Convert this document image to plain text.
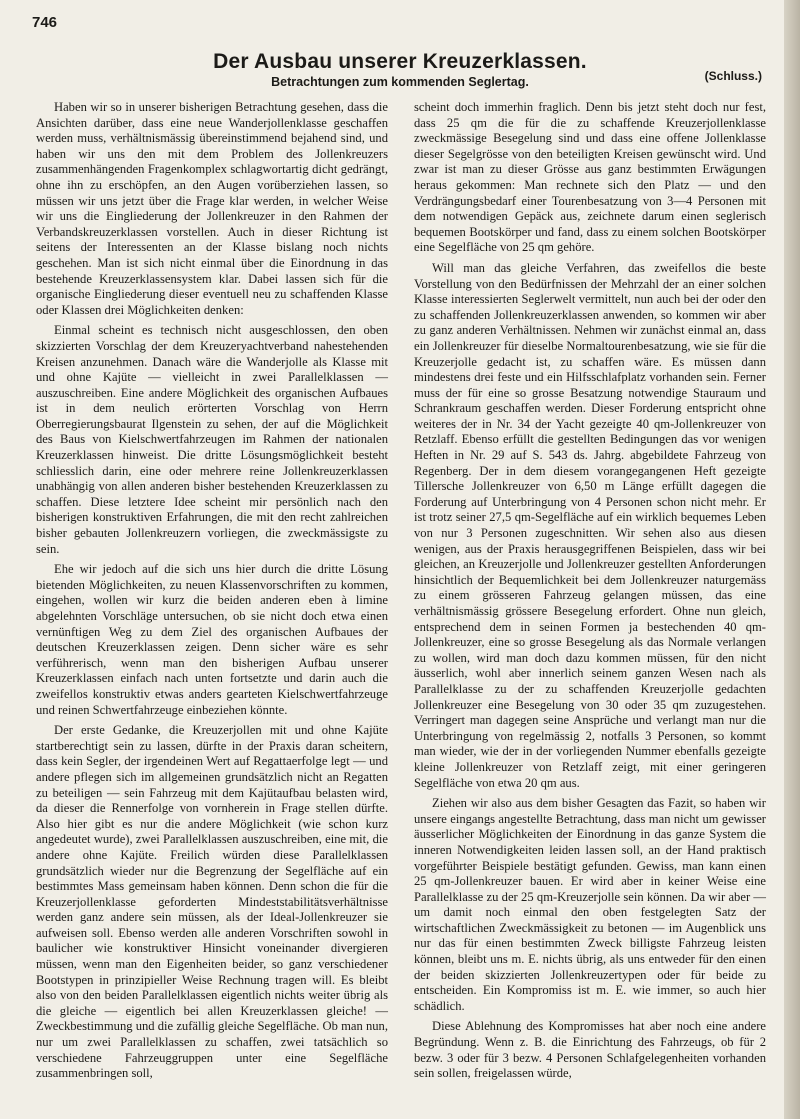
746
Der Ausbau unserer Kreuzerklassen.
Betrachtungen zum kommenden Seglertag.	(Schluss.)

Haben wir so in unserer bisherigen Betrachtung gesehen, dass die Ansichten darüber, dass eine neue Wanderjollenklasse geschaffen werden muss, verhältnismässig übereinstimmend bejahend sind, und haben wir uns den mit dem Problem des Jollenkreuzers zusammenhängenden Fragenkomplex schlagwortartig dicht gedrängt, ohne ihn zu erschöpfen, an den Augen vorüberziehen lassen, so müssen wir uns jetzt über die Frage klar werden, in welcher Weise wir uns die Eingliederung der Jollenkreuzer in den Rahmen der Verbandskreuzerklassen vorstellen. Auch in dieser Richtung ist seitens der Interessenten an der Klasse bislang noch nichts geschehen. Man ist sich nicht einmal über die Einordnung in das bestehende Kreuzerklassensystem klar. Dabei lassen sich für die organische Eingliederung dieser eventuell neu zu schaffenden Klasse oder Klassen drei Möglichkeiten denken:

Einmal scheint es technisch nicht ausgeschlossen, den oben skizzierten Vorschlag der dem Kreuzeryachtverband nahestehenden Kreisen anzunehmen. Danach wäre die Wanderjolle als Klasse mit und ohne Kajüte — vielleicht in zwei Parallelklassen — auszuschreiben. Eine andere Möglichkeit des organischen Aufbaues ist in dem neulich erörterten Vorschlag von Herrn Oberregierungsbaurat Ilgenstein zu sehen, der auf die Möglichkeit des Baus von Kielschwertfahrzeugen im Rahmen der nationalen Kreuzerklassen hinweist. Die dritte Lösungsmöglichkeit besteht schliesslich darin, eine oder mehrere reine Jollenkreuzerklassen unabhängig von allen anderen bisher bestehenden Kreuzerklassen zu schaffen. Diese letztere Idee scheint mir persönlich nach den bisherigen konstruktiven Erfahrungen, die mit den recht zahlreichen bisher gebauten Jollenkreuzern vorliegen, die zweckmässigste zu sein.

Ehe wir jedoch auf die sich uns hier durch die dritte Lösung bietenden Möglichkeiten, zu neuen Klassenvorschriften zu kommen, eingehen, wollen wir kurz die beiden anderen eben à limine abgelehnten Vorschläge untersuchen, ob sie nicht doch etwa einen vernünftigen Weg zu dem Ziel des organischen Aufbaues der deutschen Kreuzerklassen zeigen. Denn sicher wäre es sehr verführerisch, wenn man den bisherigen Aufbau unserer Kreuzerklassen einfach nach unten fortsetzte und darin auch die zweifellos konstruktiv etwas anders gearteten Kielschwertfahrzeuge und reinen Schwertfahrzeuge einbeziehen könnte.

Der erste Gedanke, die Kreuzerjollen mit und ohne Kajüte startberechtigt sein zu lassen, dürfte in der Praxis daran scheitern, dass kein Segler, der irgendeinen Wert auf Regattaerfolge legt — und andere pflegen sich im allgemeinen grundsätzlich nicht an Regatten zu beteiligen — sein Fahrzeug mit dem Kajütaufbau belasten wird, da dieser die Rennerfolge von vornherein in Frage stellen dürfte. Also hier gibt es nur die andere Möglichkeit (wie schon kurz angedeutet wurde), zwei Parallelklassen auszuschreiben, eine mit, die andere ohne Kajüte. Freilich würden diese Parallelklassen grundsätzlich wieder nur die Begrenzung der Segelfläche auf ein bestimmtes Mass gemeinsam haben können. Denn schon die für die Kreuzerjollenklasse geforderten Mindeststabilitätsverhältnisse werden ganz andere sein müssen, als der Ideal-Jollenkreuzer sie aufweisen soll. Ebenso werden alle anderen Vorschriften sowohl in baulicher wie konstruktiver Hinsicht voneinander divergieren müssen, wenn man den Eigenheiten beider, so ganz verschiedener Bootstypen in prinzipieller Weise Rechnung tragen will. Es bleibt also von den beiden Parallelklassen eigentlich nichts weiter übrig als die gleiche — eigentlich bei allen Kreuzerklassen gleiche! — Zweckbestimmung und die zufällig gleiche Segelfläche. Ob man nun, nur um zwei Parallelklassen zu schaffen, zwei tatsächlich so verschiedene Fahrzeuggruppen unter eine Segelfläche zusammenbringen soll,

scheint doch immerhin fraglich. Denn bis jetzt steht doch nur fest, dass 25 qm die für die zu schaffende Kreuzerjollenklasse zweckmässige Besegelung sind und dass eine offene Jollenklasse dieser Segelgrösse von den beteiligten Kreisen gewünscht wird. Und zwar ist man zu dieser Grösse aus ganz bestimmten Erwägungen heraus gekommen: Man rechnete sich den Platz — und den Verdrängungsbedarf einer Tourenbesatzung von 3—4 Personen mit dem notwendigen Gepäck aus, zeichnete darum einen seglerisch bequemen Bootskörper und fand, dass zu einem solchen Bootskörper eine Segelfläche von 25 qm gehöre.

Will man das gleiche Verfahren, das zweifellos die beste Vorstellung von den Bedürfnissen der Mehrzahl der an einer solchen Klasse interessierten Seglerwelt vermittelt, nun auch bei der oder den zu schaffenden Jollenkreuzerklassen anwenden, so kommen wir aber zu ganz anderen Verhältnissen. Nehmen wir zunächst einmal an, dass ein Jollenkreuzer für dieselbe Normaltourenbesatzung, wie sie für die Kreuzerjolle gedacht ist, zu schaffen wäre. Es müssen dann mindestens drei feste und ein Hilfsschlafplatz vorhanden sein. Ferner muss der für eine so grosse Besatzung notwendige Stauraum und Schrankraum geschaffen werden. Dieser Forderung entspricht ohne weiteres der in Nr. 34 der Yacht gezeigte 40 qm-Jollenkreuzer von Retzlaff. Ebenso erfüllt die gestellten Bedingungen das vor wenigen Heften in Nr. 29 auf S. 543 ds. Jahrg. abgebildete Fahrzeug von Regenberg. Der in dem diesem vorangegangenen Heft gezeigte Tillersche Jollenkreuzer von 6,50 m Länge erfüllt dagegen die Forderung auf Unterbringung von 4 Personen schon nicht mehr. Er ist trotz seiner 27,5 qm-Segelfläche auf ein wirklich bequemes Leben von nur 3 Personen zugeschnitten. Wir sehen also aus diesen wenigen, aus der Praxis herausgegriffenen Beispielen, dass wir bei gleichen, an Kreuzerjolle und Jollenkreuzer gestellten Anforderungen hinsichtlich der Bequemlichkeit bei dem Jollenkreuzer naturgemäss zu einem grösseren Fahrzeug gelangen müssen, das eine verhältnismässig grössere Besegelung erfordert. Ohne nun gleich, entsprechend dem in seinen Formen ja bestechenden 40 qm-Jollenkreuzer, eine so grosse Besegelung als das Normale verlangen zu wollen, wird man doch dazu kommen müssen, für den nicht äusserlich, wohl aber innerlich seinem ganzen Wesen nach als Parallelklasse zu der zu schaffenden Kreuzerjolle gedachten Jollenkreuzer eine Besegelung von 30 oder 35 qm zuzugestehen. Verringert man dagegen seine Ansprüche und verlangt man nur die Unterbringung von regelmässig 2, notfalls 3 Personen, so kommt man wieder, wie der in der vorliegenden Nummer ebenfalls gezeigte kleine Jollenkreuzer von Retzlaff zeigt, mit einer geringeren Segelfläche von etwa 20 qm aus.

Ziehen wir also aus dem bisher Gesagten das Fazit, so haben wir unsere eingangs angestellte Betrachtung, dass man nicht um gewisser äusserlicher Möglichkeiten der Einordnung in das ganze System die inneren Notwendigkeiten leiden lassen soll, an der Hand praktisch vorgeführter Beispiele bestätigt gefunden. Gewiss, man kann einen 25 qm-Jollenkreuzer bauen. Er wird aber in keiner Weise eine Parallelklasse zu der 25 qm-Kreuzerjolle sein können. Da wir aber — um damit noch einmal den oben festgelegten Satz der wirtschaftlichen Zweckmässigkeit zu betonen — im Augenblick uns nur das für einen bestimmten Zweck billigste Fahrzeug leisten können, bleibt uns m. E. nichts übrig, als uns entweder für den einen der beiden skizzierten Jollenkreuzertypen oder für beide zu entscheiden. Ein Kompromiss ist m. E. wie immer, so auch hier schädlich.

Diese Ablehnung des Kompromisses hat aber noch eine andere Begründung. Wenn z. B. die Einrichtung des Fahrzeugs, ob für 2 bezw. 3 oder für 3 bezw. 4 Personen Schlafgelegenheiten vorhanden sein sollen, freigelassen würde,
